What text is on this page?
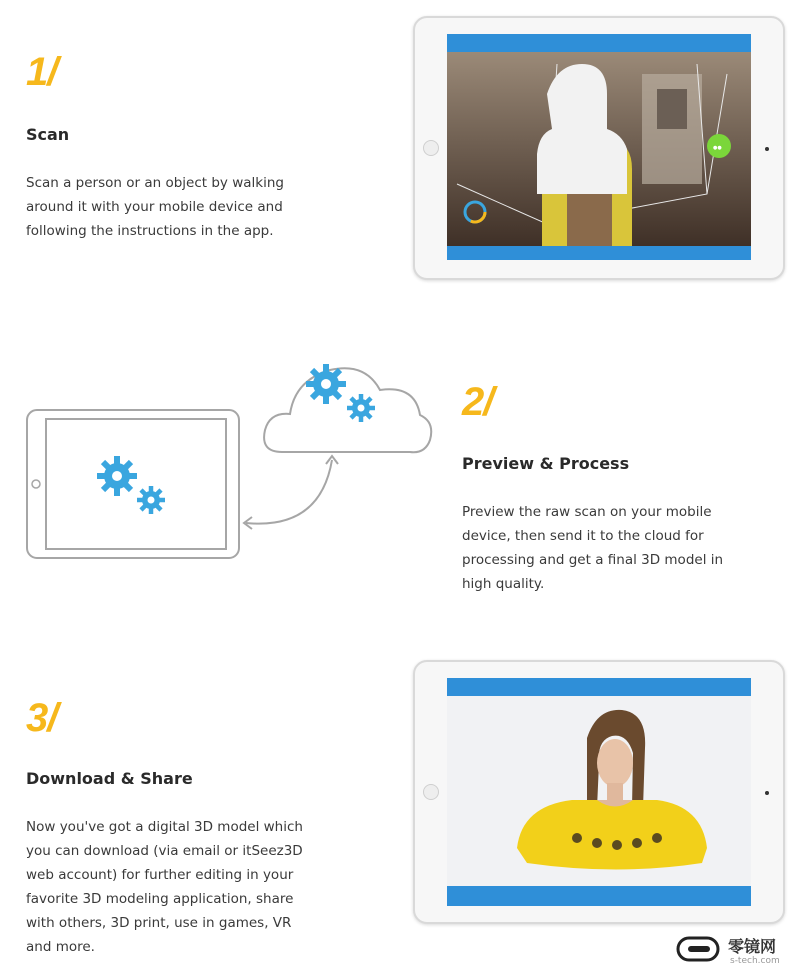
1/
Scan
Scan a person or an object by walking
around it with your mobile device and
following the instructions in the app.
●●
2/
Preview & Process
Preview the raw scan on your mobile
device, then send it to the cloud for
processing and get a final 3D model in
high quality.
3/
Download & Share
Now you've got a digital 3D model which
you can download (via email or itSeez3D
web account) for further editing in your
favorite 3D modeling application, share
with others, 3D print, use in games, VR
and more.	零镜网
s-tech.com
